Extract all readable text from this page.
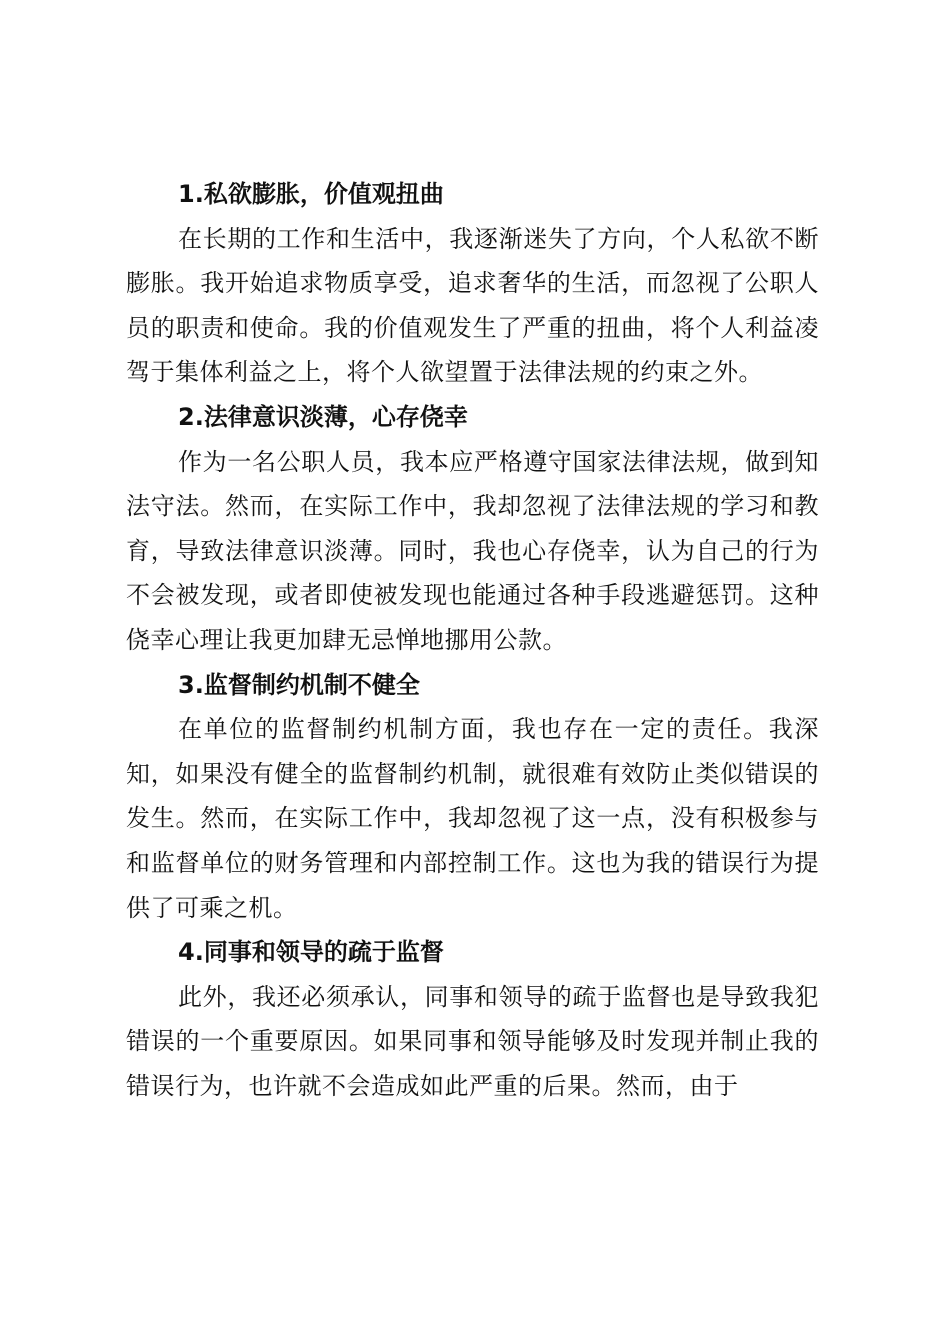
1.私欲膨胀，价值观扭曲

在长期的工作和生活中，我逐渐迷失了方向，个人私欲不断膨胀。我开始追求物质享受，追求奢华的生活，而忽视了公职人员的职责和使命。我的价值观发生了严重的扭曲，将个人利益凌驾于集体利益之上，将个人欲望置于法律法规的约束之外。

2.法律意识淡薄，心存侥幸

作为一名公职人员，我本应严格遵守国家法律法规，做到知法守法。然而，在实际工作中，我却忽视了法律法规的学习和教育，导致法律意识淡薄。同时，我也心存侥幸，认为自己的行为不会被发现，或者即使被发现也能通过各种手段逃避惩罚。这种侥幸心理让我更加肆无忌惮地挪用公款。

3.监督制约机制不健全

在单位的监督制约机制方面，我也存在一定的责任。我深知，如果没有健全的监督制约机制，就很难有效防止类似错误的发生。然而，在实际工作中，我却忽视了这一点，没有积极参与和监督单位的财务管理和内部控制工作。这也为我的错误行为提供了可乘之机。

4.同事和领导的疏于监督

此外，我还必须承认，同事和领导的疏于监督也是导致我犯错误的一个重要原因。如果同事和领导能够及时发现并制止我的错误行为，也许就不会造成如此严重的后果。然而，由于
